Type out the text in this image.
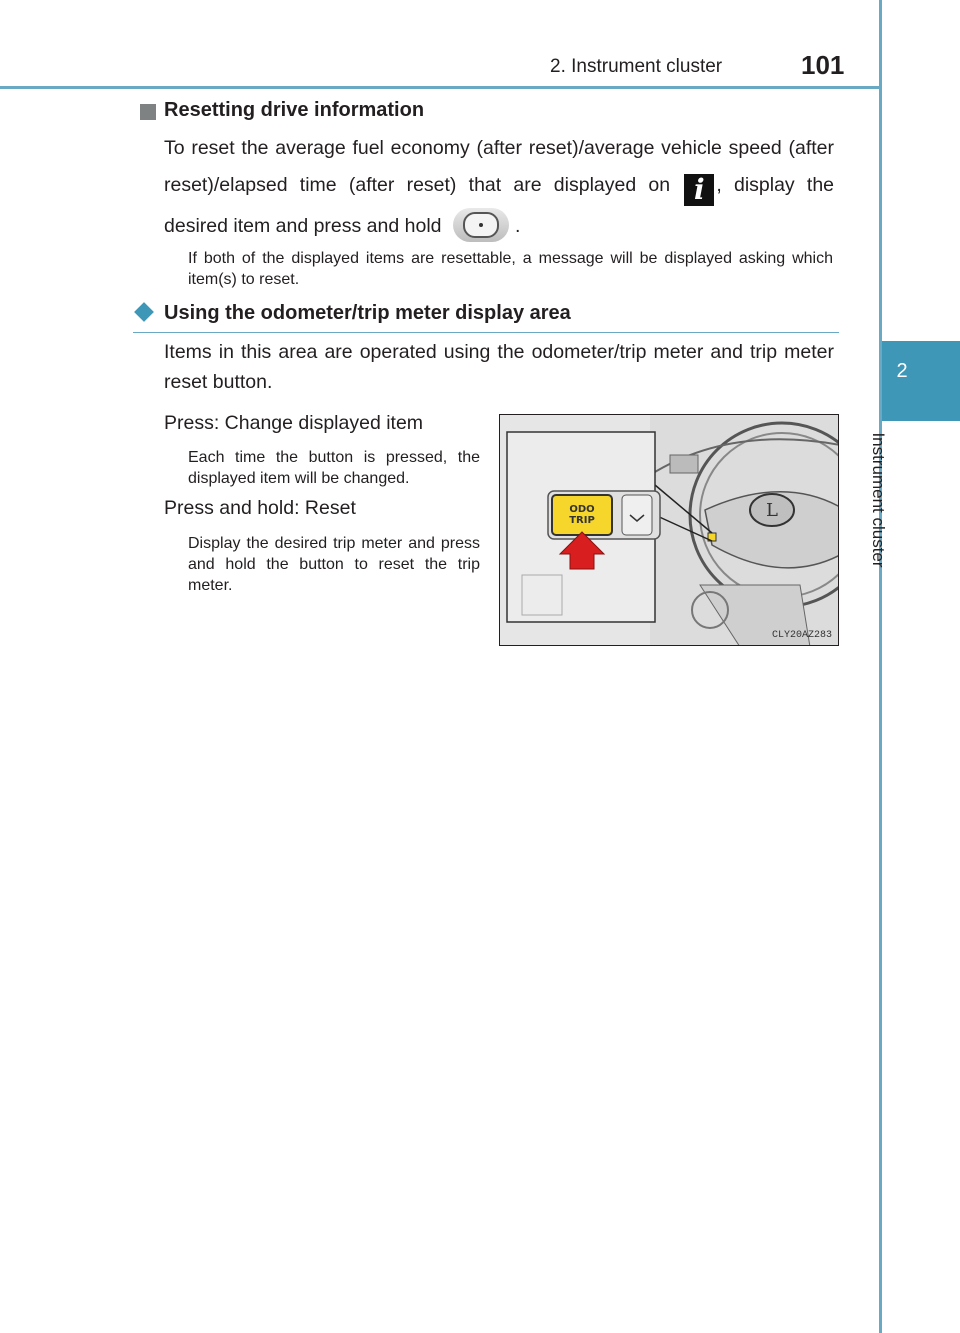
2. Instrument cluster	101
2
Instrument cluster
Resetting drive information
To reset the average fuel economy (after reset)/average vehicle speed (after reset)/elapsed time (after reset) that are displayed on i , display the desired item and press and hold	.
If both of the displayed items are resettable, a message will be displayed asking which item(s) to reset.
Using the odometer/trip meter display area
Items in this area are operated using the odometer/trip meter and trip meter reset button.
Press: Change displayed item
Each time the button is pressed, the displayed item will be changed.
Press and hold: Reset
Display the desired trip meter and press and hold the button to reset the trip meter.
L
ODO
TRIP
CLY20AZ283
